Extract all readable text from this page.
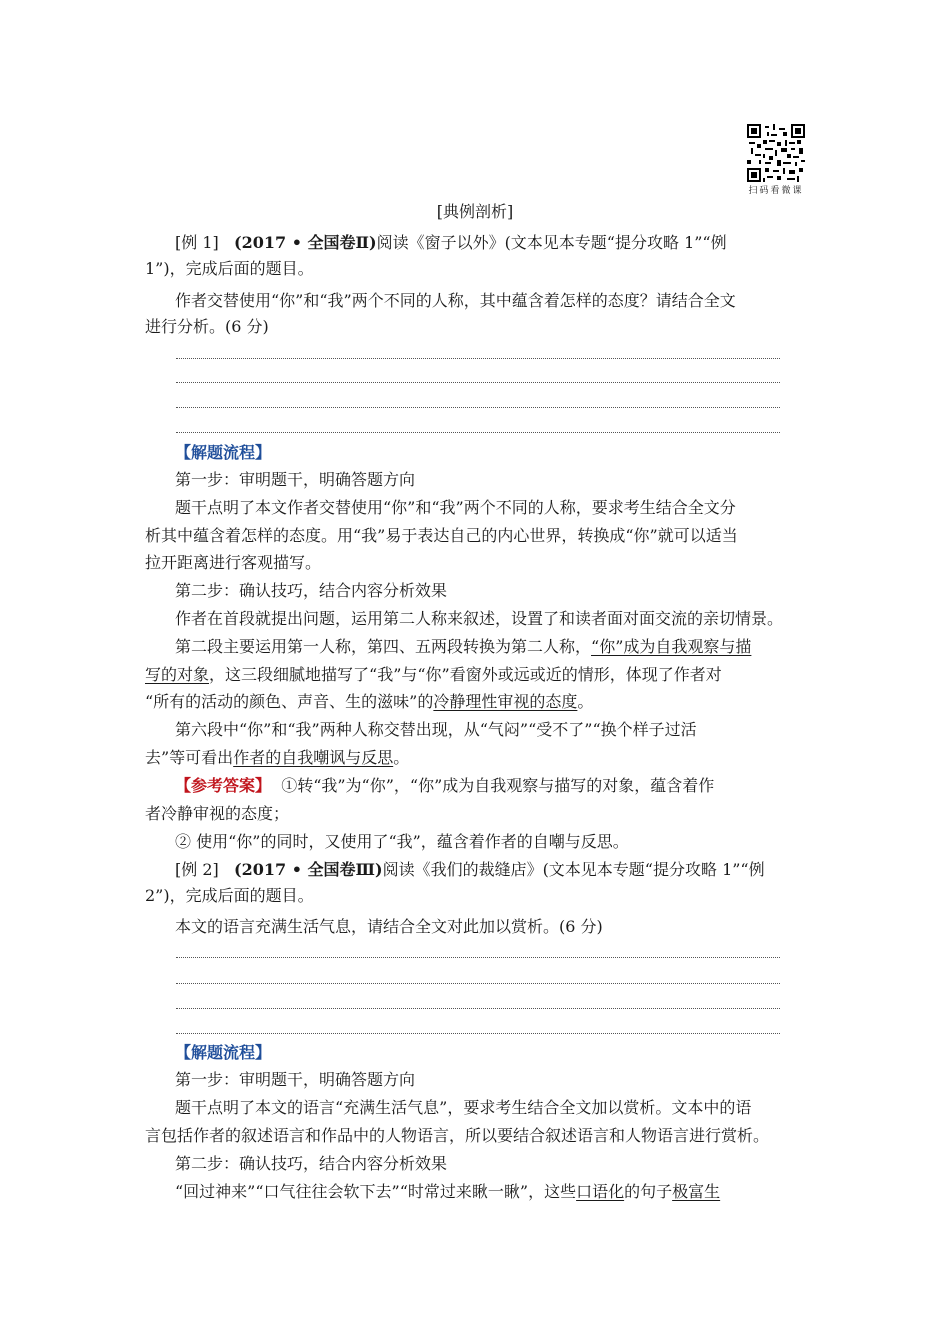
扫码看微课
[典例剖析]
[例 1] (2017 • 全国卷Ⅱ)阅读《窗子以外》(文本见本专题“提分攻略 1”“例
1”)，完成后面的题目。
作者交替使用“你”和“我”两个不同的人称，其中蕴含着怎样的态度？请结合全文
进行分析。(6 分)
【解题流程】
第一步：审明题干，明确答题方向
题干点明了本文作者交替使用“你”和“我”两个不同的人称，要求考生结合全文分
析其中蕴含着怎样的态度。用“我”易于表达自己的内心世界，转换成“你”就可以适当
拉开距离进行客观描写。
第二步：确认技巧，结合内容分析效果
作者在首段就提出问题，运用第二人称来叙述，设置了和读者面对面交流的亲切情景。
第二段主要运用第一人称，第四、五两段转换为第二人称，“你”成为自我观察与描
写的对象，这三段细腻地描写了“我”与“你”看窗外或远或近的情形，体现了作者对
“所有的活动的颜色、声音、生的滋味”的冷静理性审视的态度。
第六段中“你”和“我”两种人称交替出现，从“气闷”“受不了”“换个样子过活
去”等可看出作者的自我嘲讽与反思。
【参考答案】 ①转“我”为“你”，“你”成为自我观察与描写的对象，蕴含着作
者冷静审视的态度；
② 使用“你”的同时，又使用了“我”，蕴含着作者的自嘲与反思。
[例 2] (2017 • 全国卷Ⅲ)阅读《我们的裁缝店》(文本见本专题“提分攻略 1”“例
2”)，完成后面的题目。
本文的语言充满生活气息，请结合全文对此加以赏析。(6 分)
【解题流程】
第一步：审明题干，明确答题方向
题干点明了本文的语言“充满生活气息”，要求考生结合全文加以赏析。文本中的语
言包括作者的叙述语言和作品中的人物语言，所以要结合叙述语言和人物语言进行赏析。
第二步：确认技巧，结合内容分析效果
“回过神来”“口气往往会软下去”“时常过来瞅一瞅”，这些口语化的句子极富生
